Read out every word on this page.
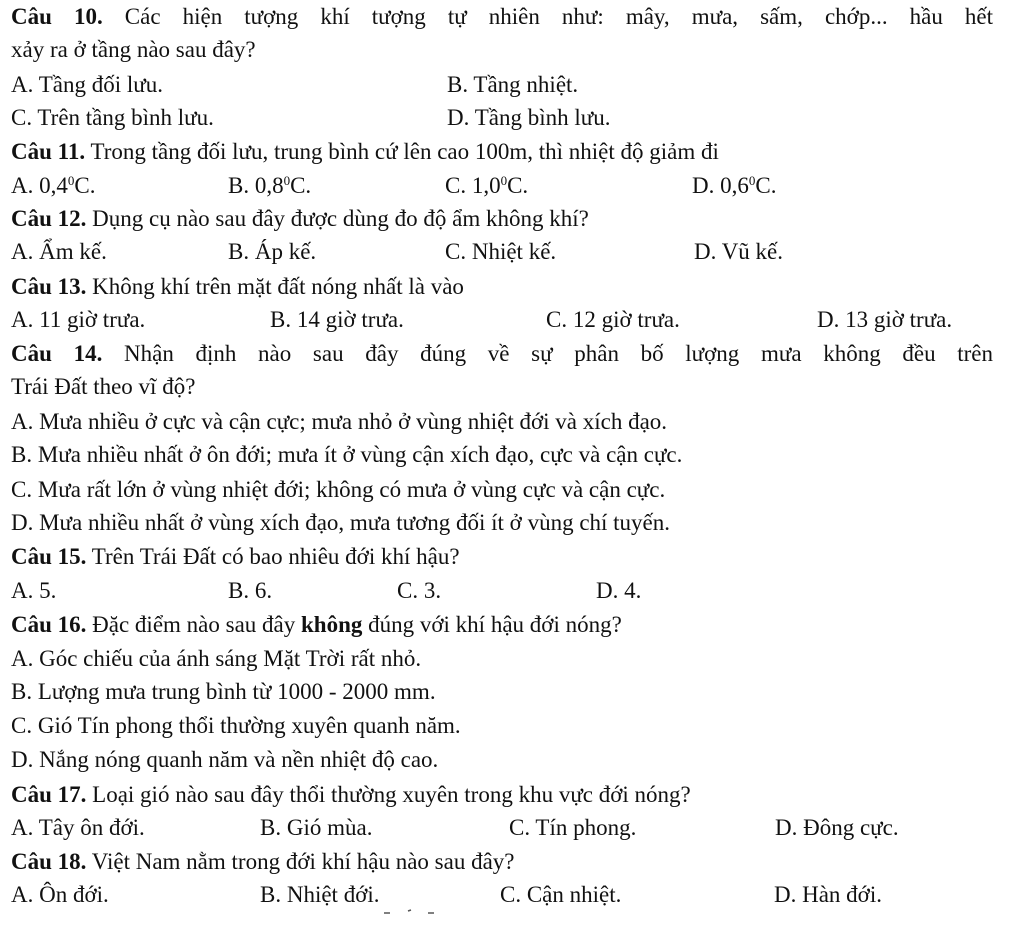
Câu 10. Các hiện tượng khí tượng tự nhiên như: mây, mưa, sấm, chớp... hầu hết
xảy ra ở tầng nào sau đây?
A. Tầng đối lưu.	B. Tầng nhiệt.
C. Trên tầng bình lưu.	D. Tầng bình lưu.
Câu 11. Trong tầng đối lưu, trung bình cứ lên cao 100m, thì nhiệt độ giảm đi
A. $0,4^0C$.	B. $0,8^0C$.	C. $1,0^0C$.	D. $0,6^0C$.
Câu 12. Dụng cụ nào sau đây được dùng đo độ ẩm không khí?
A. Ẩm kế.	B. Áp kế.	C. Nhiệt kế.	D. Vũ kế.
Câu 13. Không khí trên mặt đất nóng nhất là vào
A. 11 giờ trưa.	B. 14 giờ trưa.	C. 12 giờ trưa.	D. 13 giờ trưa.
Câu 14. Nhận định nào sau đây đúng về sự phân bố lượng mưa không đều trên
Trái Đất theo vĩ độ?
A. Mưa nhiều ở cực và cận cực; mưa nhỏ ở vùng nhiệt đới và xích đạo.
B. Mưa nhiều nhất ở ôn đới; mưa ít ở vùng cận xích đạo, cực và cận cực.
C. Mưa rất lớn ở vùng nhiệt đới; không có mưa ở vùng cực và cận cực.
D. Mưa nhiều nhất ở vùng xích đạo, mưa tương đối ít ở vùng chí tuyến.
Câu 15. Trên Trái Đất có bao nhiêu đới khí hậu?
A. 5.	B. 6.	C. 3.	D. 4.
Câu 16. Đặc điểm nào sau đây không đúng với khí hậu đới nóng?
A. Góc chiếu của ánh sáng Mặt Trời rất nhỏ.
B. Lượng mưa trung bình từ 1000 - 2000 mm.
C. Gió Tín phong thổi thường xuyên quanh năm.
D. Nắng nóng quanh năm và nền nhiệt độ cao.
Câu 17. Loại gió nào sau đây thổi thường xuyên trong khu vực đới nóng?
A. Tây ôn đới.	B. Gió mùa.	C. Tín phong.	D. Đông cực.
Câu 18. Việt Nam nằm trong đới khí hậu nào sau đây?
A. Ôn đới.	B. Nhiệt đới.	C. Cận nhiệt.	D. Hàn đới.
